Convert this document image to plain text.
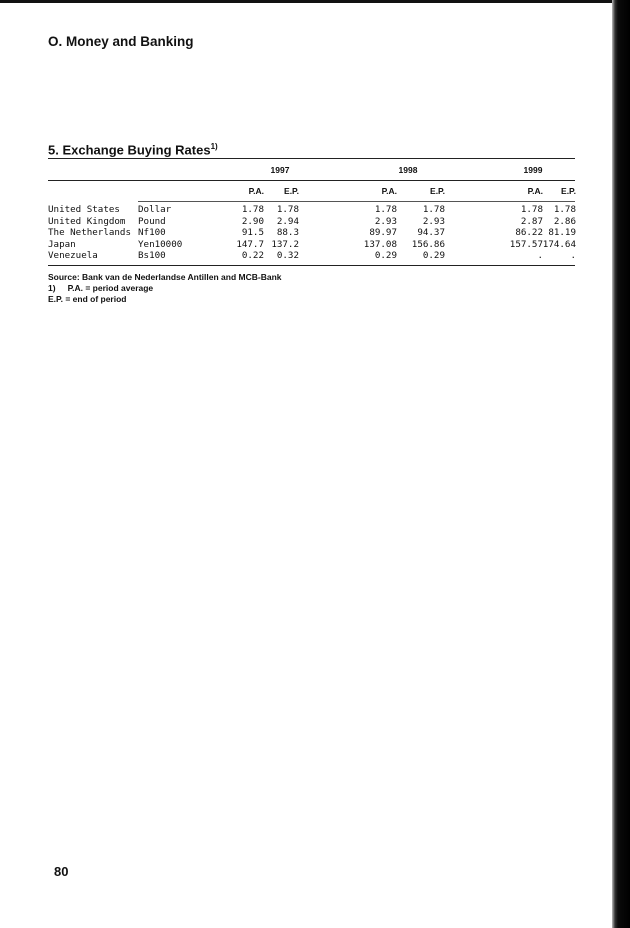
O. Money and Banking
5. Exchange Buying Rates$^{1)}$
1997	1998	1999
P.A.	E.P.	P.A.	E.P.	P.A.	E.P.
United States Dollar	1.78	1.78	1.78	1.78	1.78	1.78
United Kingdom Pound	2.90	2.94	2.93	2.93	2.87	2.86
The Netherlands Nf100	91.5	88.3	89.97	94.37	86.22 81.19
Japan	Yen10000	147.7 137.2	137.08	156.86	157.57 174.64
Venezuela	Bs100	0.22	0.32	0.29	0.29	.	.
Source: Bank van de Nederlandse Antillen and MCB-Bank
1) P.A. = period average
E.P. = end of period
80
